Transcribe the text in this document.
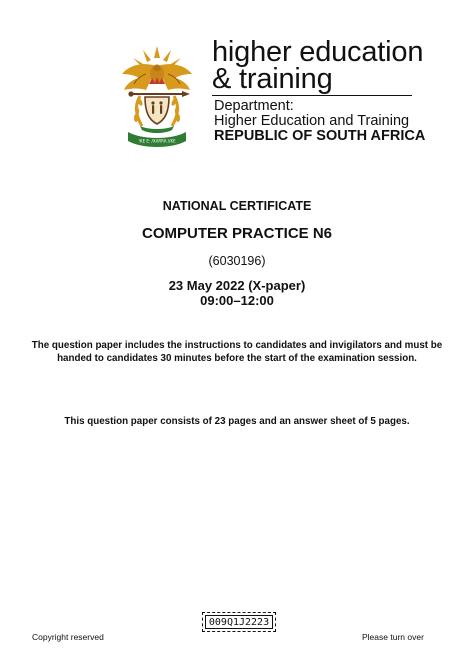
!KE E: /XARRA //KE
higher education
& training
Department:
Higher Education and Training
REPUBLIC OF SOUTH AFRICA
NATIONAL CERTIFICATE
COMPUTER PRACTICE N6
(6030196)
23 May 2022 (X-paper)
09:00–12:00
The question paper includes the instructions to candidates and invigilators and must be handed to candidates 30 minutes before the start of the examination session.
This question paper consists of 23 pages and an answer sheet of 5 pages.
009Q1J2223
Copyright reserved	Please turn over
